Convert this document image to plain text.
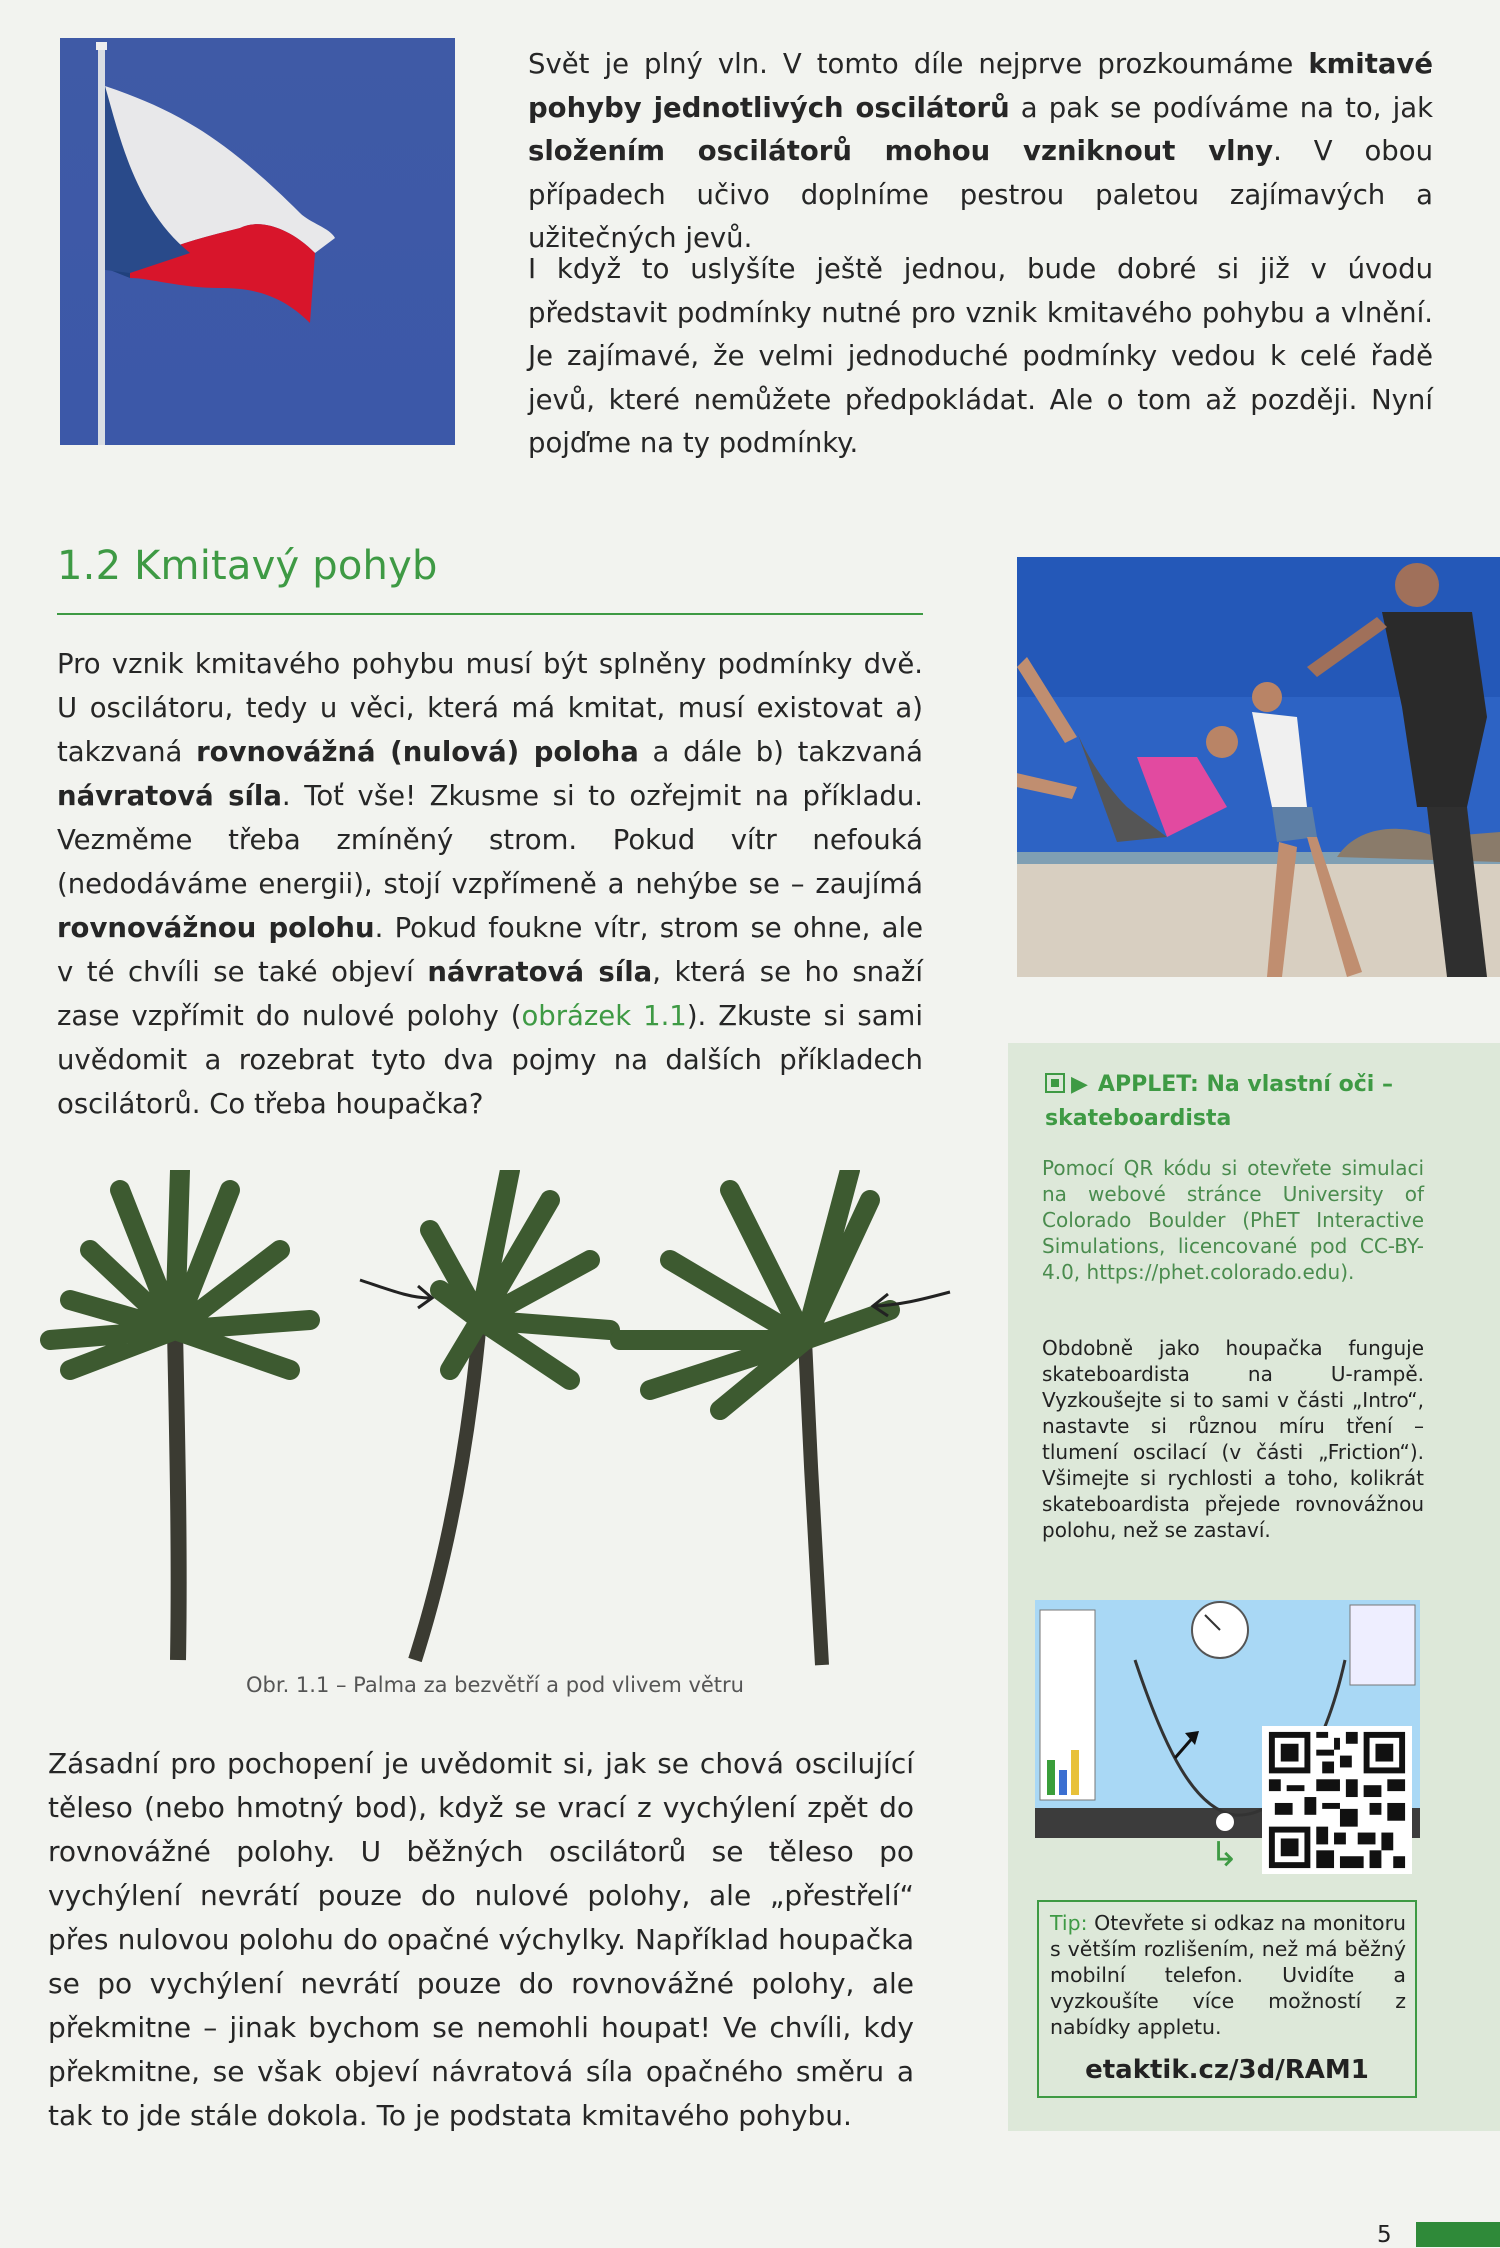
Svět je plný vln. V tomto díle nejprve prozkoumáme kmitavé pohyby jednotlivých oscilátorů a pak se podíváme na to, jak složením oscilátorů mohou vzniknout vlny. V obou případech učivo doplníme pestrou paletou zajímavých a užitečných jevů.
I když to uslyšíte ještě jednou, bude dobré si již v úvodu představit podmínky nutné pro vznik kmitavého pohybu a vlnění. Je zajímavé, že velmi jednoduché podmínky vedou k celé řadě jevů, které nemůžete předpokládat. Ale o tom až později. Nyní pojďme na ty podmínky.
1.2 Kmitavý pohyb
Pro vznik kmitavého pohybu musí být splněny podmínky dvě. U oscilátoru, tedy u věci, která má kmitat, musí existovat a) takzvaná rovnovážná (nulová) poloha a dále b) takzvaná návratová síla. Toť vše! Zkusme si to ozřejmit na příkladu. Vezměme třeba zmíněný strom. Pokud vítr nefouká (nedodáváme energii), stojí vzpřímeně a nehýbe se – zaujímá rovnovážnou polohu. Pokud foukne vítr, strom se ohne, ale v té chvíli se také objeví návratová síla, která se ho snaží zase vzpřímit do nulové polohy (obrázek 1.1). Zkuste si sami uvědomit a rozebrat tyto dva pojmy na dalších příkladech oscilátorů. Co třeba houpačka?
Obr. 1.1 – Palma za bezvětří a pod vlivem větru
Zásadní pro pochopení je uvědomit si, jak se chová oscilující těleso (nebo hmotný bod), když se vrací z vychýlení zpět do rovnovážné polohy. U běžných oscilátorů se těleso po vychýlení nevrátí pouze do nulové polohy, ale „přestřelí“ přes nulovou polohu do opačné výchylky. Například houpačka se po vychýlení nevrátí pouze do rovnovážné polohy, ale překmitne – jinak bychom se nemohli houpat! Ve chvíli, kdy překmitne, se však objeví návratová síla opačného směru a tak to jde stále dokola. To je podstata kmitavého pohybu.
▶ APPLET: Na vlastní oči – skateboardista
Pomocí QR kódu si otevřete simulaci na webové stránce University of Colorado Boulder (PhET Interactive Simulations, licencované pod CC-BY-4.0, https://phet.colorado.edu).
Obdobně jako houpačka funguje skateboardista na U-rampě. Vyzkoušejte si to sami v části „Intro“, nastavte si různou míru tření – tlumení oscilací (v části „Friction“). Všimejte si rychlosti a toho, kolikrát skateboardista přejede rovnovážnou polohu, než se zastaví.
↳
Tip: Otevřete si odkaz na monitoru s větším rozlišením, než má běžný mobilní telefon. Uvidíte a vyzkoušíte více možností z nabídky appletu.
etaktik.cz/3d/RAM1
5
